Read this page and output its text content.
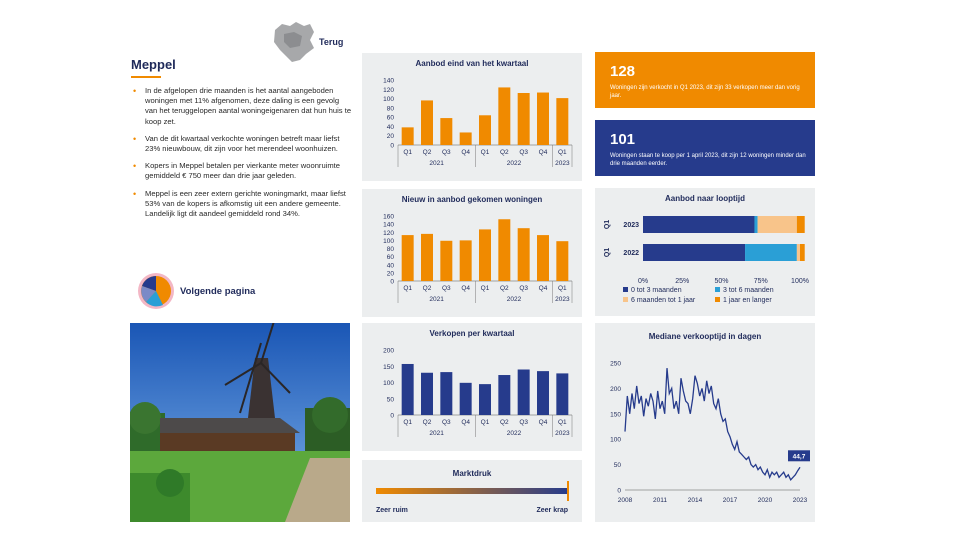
Terug
Meppel
• In de afgelopen drie maanden is het aantal aangeboden woningen met 11% afgenomen, deze daling is een gevolg van het teruggelopen aantal woningeigenaren dat hun huis te koop zet.
• Van de dit kwartaal verkochte woningen betreft maar liefst 23% nieuwbouw, dit zijn voor het merendeel woonhuizen.
• Kopers in Meppel betalen per vierkante meter woonruimte gemiddeld € 750 meer dan drie jaar geleden.
• Meppel is een zeer extern gerichte woningmarkt, maar liefst 53% van de kopers is afkomstig uit een andere gemeente. Landelijk ligt dit aandeel gemiddeld rond 34%.
Volgende pagina
Aanbod eind van het kwartaal
0
20
40
60
80
100
120
140
Q1 Q2 Q3 Q4 Q1 Q2 Q3 Q4 Q1
2021	2022	2023
Nieuw in aanbod gekomen woningen
0
20
40
60
80
100
120
140
160
Q1 Q2 Q3 Q4 Q1 Q2 Q3 Q4 Q1
2021	2022	2023
Verkopen per kwartaal
0
50
100
150
200
Q1 Q2 Q3 Q4 Q1 Q2 Q3 Q4 Q1
2021	2022	2023
Marktdruk
Zeer ruim	Zeer krap
128
Woningen zijn verkocht in Q1 2023, dit zijn 33 verkopen meer dan vorig jaar.
101
Woningen staan te koop per 1 april 2023, dit zijn 12 woningen minder dan drie maanden eerder.
Aanbod naar looptijd
2023
Q1
2022
Q1
0%	25%	50%	75%	100%
0 tot 3 maanden	3 tot 6 maanden
6 maanden tot 1 jaar	1 jaar en langer
Mediane verkooptijd in dagen
0
50
100
150
200
250
2008	2011	2014	2017	2020	2023
44,7
